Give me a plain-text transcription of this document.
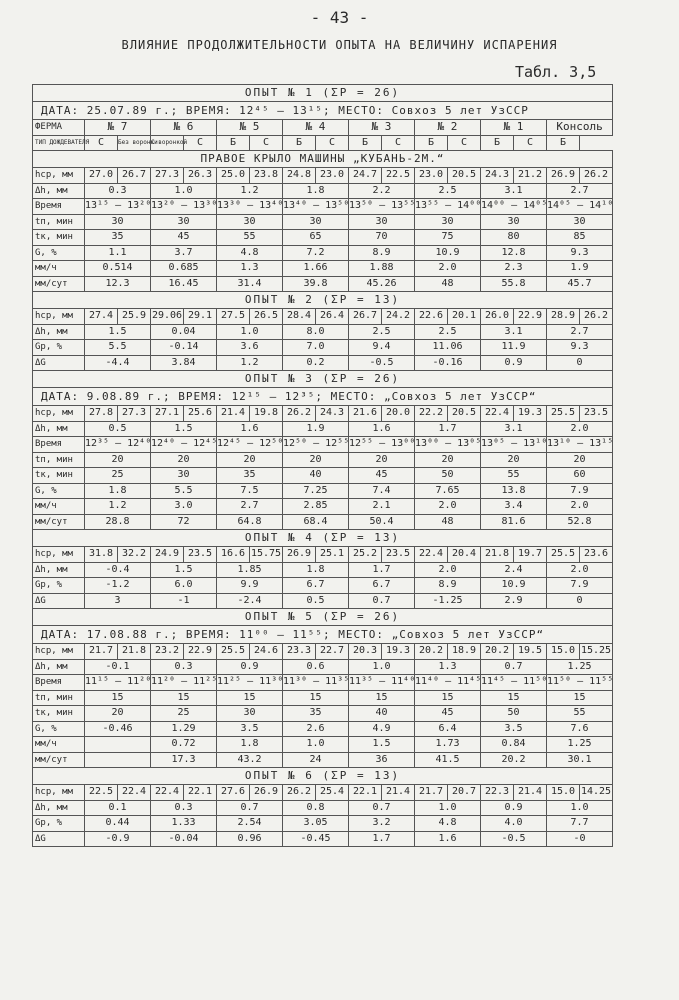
- 43 -
ВЛИЯНИЕ ПРОДОЛЖИТЕЛЬНОСТИ ОПЫТА НА ВЕЛИЧИНУ ИСПАРЕНИЯ
Табл. 3,5
ОПЫТ № 1 (ΣР = 26)																
ДАТА: 25.07.89 г.; ВРЕМЯ: 12⁴⁵ – 13¹⁵; МЕСТО: Совхоз 5 лет УзССР																
ФЕРМА	№ 7		№ 6		№ 5		№ 4		№ 3		№ 2		№ 1		Консоль	
ТИП ДОЖДЕВАТЕЛЯ	С	Без воронки	С воронкой	С	Б	С	Б	С	Б	С	Б	С	Б	С	Б	
ПРАВОЕ КРЫЛО МАШИНЫ „КУБАНЬ-2М.“																
hср, мм	27.0	26.7	27.3	26.3	25.0	23.8	24.8	23.0	24.7	22.5	23.0	20.5	24.3	21.2	26.9	26.2
Δh, мм	0.3		1.0		1.2		1.8		2.2		2.5		3.1		2.7	
Время	13¹⁵ – 13²⁰		13²⁰ – 13³⁰		13³⁰ – 13⁴⁰		13⁴⁰ – 13⁵⁰		13⁵⁰ – 13⁵⁵		13⁵⁵ – 14⁰⁰		14⁰⁰ – 14⁰⁵		14⁰⁵ – 14¹⁰	
tп, мин	30		30		30		30		30		30		30		30	
tк, мин	35		45		55		65		70		75		80		85	
G, %	1.1		3.7		4.8		7.2		8.9		10.9		12.8		9.3	
мм/ч	0.514		0.685		1.3		1.66		1.88		2.0		2.3		1.9	
мм/сут	12.3		16.45		31.4		39.8		45.26		48		55.8		45.7	
ОПЫТ № 2 (ΣР = 13)																
hср, мм	27.4	25.9	29.06	29.1	27.5	26.5	28.4	26.4	26.7	24.2	22.6	20.1	26.0	22.9	28.9	26.2
Δh, мм	1.5		0.04		1.0		8.0		2.5		2.5		3.1		2.7	
Gр, %	5.5		-0.14		3.6		7.0		9.4		11.06		11.9		9.3	
ΔG	-4.4		3.84		1.2		0.2		-0.5		-0.16		0.9		0	
ОПЫТ № 3 (ΣР = 26)																
ДАТА: 9.08.89 г.; ВРЕМЯ: 12¹⁵ – 12³⁵; МЕСТО: „Совхоз 5 лет УзССР“																
hср, мм	27.8	27.3	27.1	25.6	21.4	19.8	26.2	24.3	21.6	20.0	22.2	20.5	22.4	19.3	25.5	23.5
Δh, мм	0.5		1.5		1.6		1.9		1.6		1.7		3.1		2.0	
Время	12³⁵ – 12⁴⁰		12⁴⁰ – 12⁴⁵		12⁴⁵ – 12⁵⁰		12⁵⁰ – 12⁵⁵		12⁵⁵ – 13⁰⁰		13⁰⁰ – 13⁰⁵		13⁰⁵ – 13¹⁰		13¹⁰ – 13¹⁵	
tп, мин	20		20		20		20		20		20		20		20	
tк, мин	25		30		35		40		45		50		55		60	
G, %	1.8		5.5		7.5		7.25		7.4		7.65		13.8		7.9	
мм/ч	1.2		3.0		2.7		2.85		2.1		2.0		3.4		2.0	
мм/сут	28.8		72		64.8		68.4		50.4		48		81.6		52.8	
ОПЫТ № 4 (ΣР = 13)																
hср, мм	31.8	32.2	24.9	23.5	16.6	15.75	26.9	25.1	25.2	23.5	22.4	20.4	21.8	19.7	25.5	23.6
Δh, мм	-0.4		1.5		1.85		1.8		1.7		2.0		2.4		2.0	
Gр, %	-1.2		6.0		9.9		6.7		6.7		8.9		10.9		7.9	
ΔG	3		-1		-2.4		0.5		0.7		-1.25		2.9		0	
ОПЫТ № 5 (ΣР = 26)																
ДАТА: 17.08.88 г.; ВРЕМЯ: 11⁰⁰ – 11⁵⁵; МЕСТО: „Совхоз 5 лет УзССР“																
hср, мм	21.7	21.8	23.2	22.9	25.5	24.6	23.3	22.7	20.3	19.3	20.2	18.9	20.2	19.5	15.0	15.25
Δh, мм	-0.1		0.3		0.9		0.6		1.0		1.3		0.7		1.25	
Время	11¹⁵ – 11²⁰		11²⁰ – 11²⁵		11²⁵ – 11³⁰		11³⁰ – 11³⁵		11³⁵ – 11⁴⁰		11⁴⁰ – 11⁴⁵		11⁴⁵ – 11⁵⁰		11⁵⁰ – 11⁵⁵	
tп, мин	15		15		15		15		15		15		15		15	
tк, мин	20		25		30		35		40		45		50		55	
G, %	-0.46		1.29		3.5		2.6		4.9		6.4		3.5		7.6	
мм/ч			0.72		1.8		1.0		1.5		1.73		0.84		1.25	
мм/сут			17.3		43.2		24		36		41.5		20.2		30.1	
ОПЫТ № 6 (ΣР = 13)																
hср, мм	22.5	22.4	22.4	22.1	27.6	26.9	26.2	25.4	22.1	21.4	21.7	20.7	22.3	21.4	15.0	14.25
Δh, мм	0.1		0.3		0.7		0.8		0.7		1.0		0.9		1.0	
Gр, %	0.44		1.33		2.54		3.05		3.2		4.8		4.0		7.7	
ΔG	-0.9		-0.04		0.96		-0.45		1.7		1.6		-0.5		-0	
